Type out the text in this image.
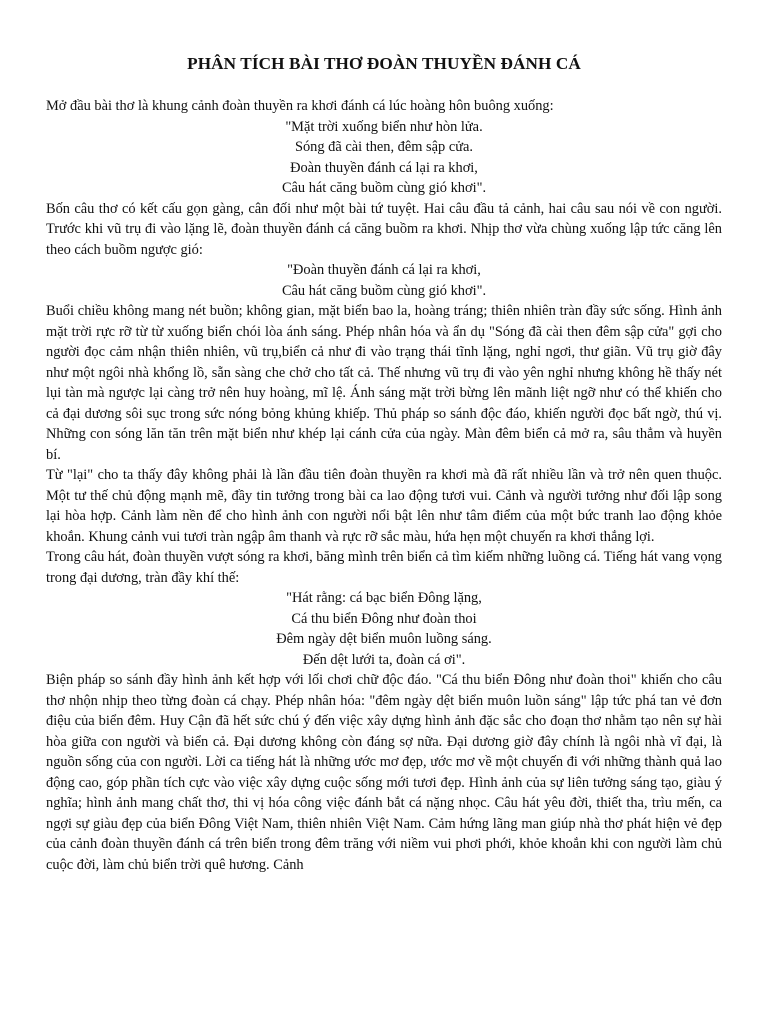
PHÂN TÍCH BÀI THƠ ĐOÀN THUYỀN ĐÁNH CÁ

Mở đầu bài thơ là khung cảnh đoàn thuyền ra khơi đánh cá lúc hoàng hôn buông xuống:

"Mặt trời xuống biển như hòn lửa.
Sóng đã cài then, đêm sập cửa.
Đoàn thuyền đánh cá lại ra khơi,
Câu hát căng buồm cùng gió khơi".

Bốn câu thơ có kết cấu gọn gàng, cân đối như một bài tứ tuyệt. Hai câu đầu tả cảnh, hai câu sau nói về con người. Trước khi vũ trụ đi vào lặng lẽ, đoàn thuyền đánh cá căng buồm ra khơi. Nhịp thơ vừa chùng xuống lập tức căng lên theo cách buồm ngược gió:

"Đoàn thuyền đánh cá lại ra khơi,
Câu hát căng buồm cùng gió khơi".

Buổi chiều không mang nét buồn; không gian, mặt biển bao la, hoàng tráng; thiên nhiên tràn đầy sức sống. Hình ảnh mặt trời rực rỡ từ từ xuống biển chói lòa ánh sáng. Phép nhân hóa và ẩn dụ "Sóng đã cài then đêm sập cửa" gợi cho người đọc cảm nhận thiên nhiên, vũ trụ,biển cả như đi vào trạng thái tĩnh lặng, nghỉ ngơi, thư giãn. Vũ trụ giờ đây như một ngôi nhà khổng lồ, sẵn sàng che chở cho tất cả. Thế nhưng vũ trụ đi vào yên nghỉ nhưng không hề thấy nét lụi tàn mà ngược lại càng trở nên huy hoàng, mĩ lệ. Ánh sáng mặt trời bừng lên mãnh liệt ngỡ như có thể khiến cho cả đại dương sôi sục trong sức nóng bỏng khủng khiếp. Thủ pháp so sánh độc đáo, khiến người đọc bất ngờ, thú vị. Những con sóng lăn tăn trên mặt biển như khép lại cánh cửa của ngày. Màn đêm biển cả mở ra, sâu thẳm và huyền bí.

Từ "lại" cho ta thấy đây không phải là lần đầu tiên đoàn thuyền ra khơi mà đã rất nhiều lần và trở nên quen thuộc. Một tư thế chủ động mạnh mẽ, đầy tin tưởng trong bài ca lao động tươi vui. Cảnh và người tưởng như đối lập song lại hòa hợp. Cảnh làm nền để cho hình ảnh con người nổi bật lên như tâm điểm của một bức tranh lao động khỏe khoắn. Khung cảnh vui tươi tràn ngập âm thanh và rực rỡ sắc màu, hứa hẹn một chuyến ra khơi thắng lợi.

Trong câu hát, đoàn thuyền vượt sóng ra khơi, băng mình trên biển cả tìm kiếm những luồng cá. Tiếng hát vang vọng trong đại dương, tràn đầy khí thế:

"Hát rằng: cá bạc biển Đông lặng,
Cá thu biển Đông như đoàn thoi
Đêm ngày dệt biển muôn luồng sáng.
Đến dệt lưới ta, đoàn cá ơi".

Biện pháp so sánh đầy hình ảnh kết hợp với lối chơi chữ độc đáo. "Cá thu biển Đông như đoàn thoi" khiến cho câu thơ nhộn nhịp theo từng đoàn cá chạy. Phép nhân hóa: "đêm ngày dệt biển muôn luồn sáng" lập tức phá tan vẻ đơn điệu của biển đêm. Huy Cận đã hết sức chú ý đến việc xây dựng hình ảnh đặc sắc cho đoạn thơ nhằm tạo nên sự hài hòa giữa con người và biển cả. Đại dương không còn đáng sợ nữa. Đại dương giờ đây chính là ngôi nhà vĩ đại, là nguồn sống của con người. Lời ca tiếng hát là những ước mơ đẹp, ước mơ về một chuyến đi với những thành quả lao động cao, góp phần tích cực vào việc xây dựng cuộc sống mới tươi đẹp. Hình ảnh của sự liên tưởng sáng tạo, giàu ý nghĩa; hình ảnh mang chất thơ, thi vị hóa công việc đánh bắt cá nặng nhọc. Câu hát yêu đời, thiết tha, trìu mến, ca ngợi sự giàu đẹp của biển Đông Việt Nam, thiên nhiên Việt Nam. Cảm hứng lãng man giúp nhà thơ phát hiện vẻ đẹp của cảnh đoàn thuyền đánh cá trên biển trong đêm trăng với niềm vui phơi phới, khỏe khoắn khi con người làm chủ cuộc đời, làm chủ biển trời quê hương. Cảnh
